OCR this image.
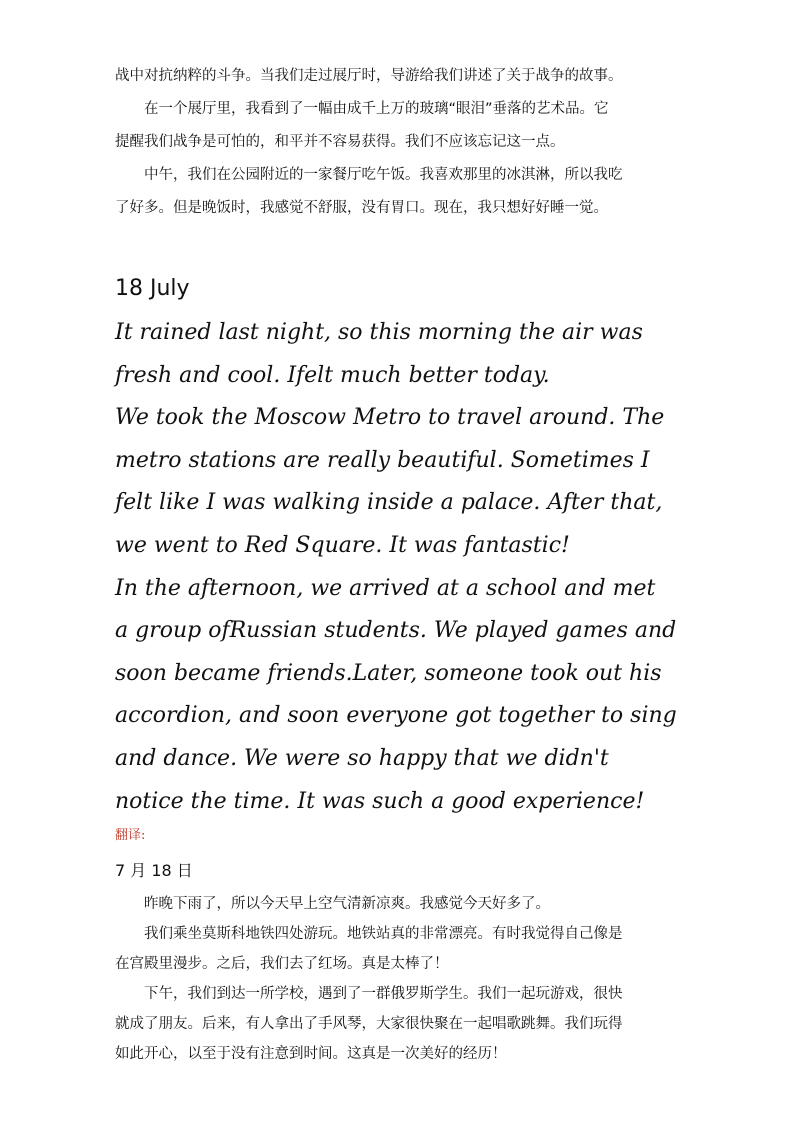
战中对抗纳粹的斗争。当我们走过展厅时，导游给我们讲述了关于战争的故事。
在一个展厅里，我看到了一幅由成千上万的玻璃“眼泪”垂落的艺术品。它
提醒我们战争是可怕的，和平并不容易获得。我们不应该忘记这一点。
中午，我们在公园附近的一家餐厅吃午饭。我喜欢那里的冰淇淋，所以我吃
了好多。但是晚饭时，我感觉不舒服，没有胃口。现在，我只想好好睡一觉。

18 July

It rained last night, so this morning the air was
fresh and cool. Ifelt much better today.
We took the Moscow Metro to travel around. The
metro stations are really beautiful. Sometimes I
felt like I was walking inside a palace. After that,
we went to Red Square. It was fantastic!
In the afternoon, we arrived at a school and met
a group ofRussian students. We played games and
soon became friends.Later, someone took out his
accordion, and soon everyone got together to sing
and dance. We were so happy that we didn't
notice the time. It was such a good experience!

翻译:

7 月 18 日

昨晚下雨了，所以今天早上空气清新凉爽。我感觉今天好多了。
我们乘坐莫斯科地铁四处游玩。地铁站真的非常漂亮。有时我觉得自己像是
在宫殿里漫步。之后，我们去了红场。真是太棒了！
下午，我们到达一所学校，遇到了一群俄罗斯学生。我们一起玩游戏，很快
就成了朋友。后来，有人拿出了手风琴，大家很快聚在一起唱歌跳舞。我们玩得
如此开心，以至于没有注意到时间。这真是一次美好的经历！
